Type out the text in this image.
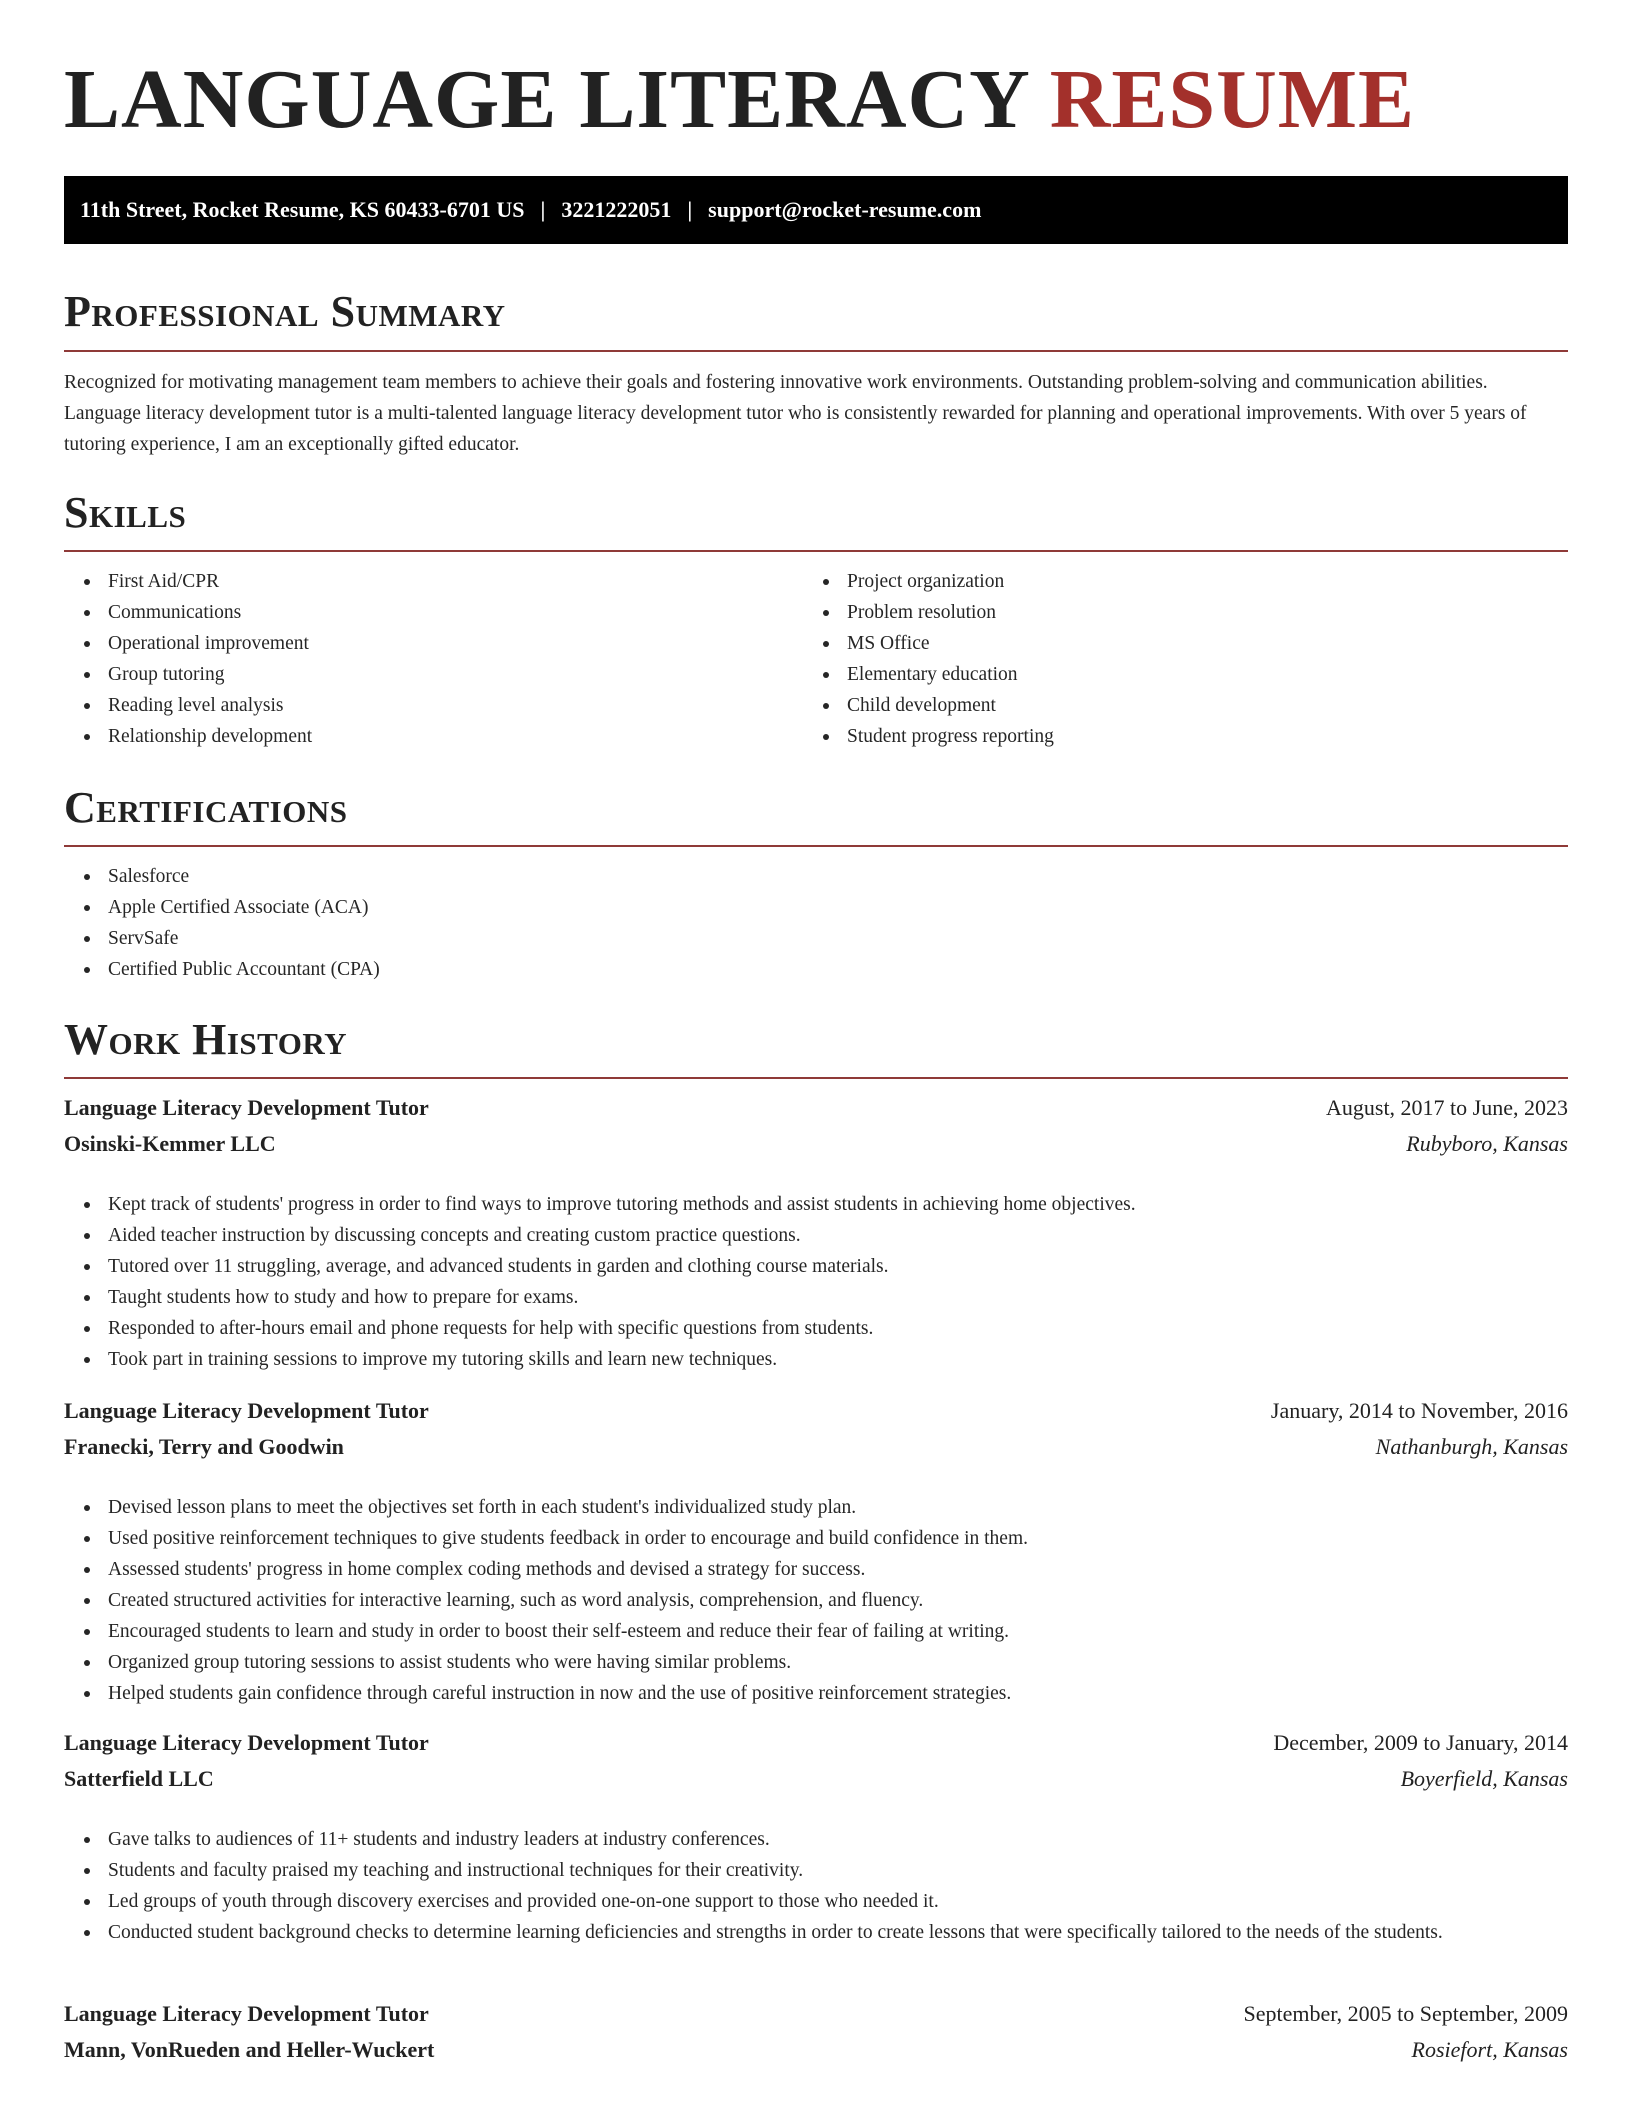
LANGUAGE LITERACY RESUME
11th Street, Rocket Resume, KS 60433-6701 US | 3221222051 | support@rocket-resume.com
Professional Summary

Recognized for motivating management team members to achieve their goals and fostering innovative work environments. Outstanding problem-solving and communication abilities. Language literacy development tutor is a multi-talented language literacy development tutor who is consistently rewarded for planning and operational improvements. With over 5 years of tutoring experience, I am an exceptionally gifted educator.

Skills
First Aid/CPR
Communications
Operational improvement
Group tutoring
Reading level analysis
Relationship development
Project organization
Problem resolution
MS Office
Elementary education
Child development
Student progress reporting
Certifications
Salesforce
Apple Certified Associate (ACA)
ServSafe
Certified Public Accountant (CPA)
Work History
Language Literacy Development Tutor	August, 2017 to June, 2023
Osinski-Kemmer LLC	Rubyboro, Kansas
Kept track of students' progress in order to find ways to improve tutoring methods and assist students in achieving home objectives.
Aided teacher instruction by discussing concepts and creating custom practice questions.
Tutored over 11 struggling, average, and advanced students in garden and clothing course materials.
Taught students how to study and how to prepare for exams.
Responded to after-hours email and phone requests for help with specific questions from students.
Took part in training sessions to improve my tutoring skills and learn new techniques.
Language Literacy Development Tutor	January, 2014 to November, 2016
Franecki, Terry and Goodwin	Nathanburgh, Kansas
Devised lesson plans to meet the objectives set forth in each student's individualized study plan.
Used positive reinforcement techniques to give students feedback in order to encourage and build confidence in them.
Assessed students' progress in home complex coding methods and devised a strategy for success.
Created structured activities for interactive learning, such as word analysis, comprehension, and fluency.
Encouraged students to learn and study in order to boost their self-esteem and reduce their fear of failing at writing.
Organized group tutoring sessions to assist students who were having similar problems.
Helped students gain confidence through careful instruction in now and the use of positive reinforcement strategies.
Language Literacy Development Tutor	December, 2009 to January, 2014
Satterfield LLC	Boyerfield, Kansas
Gave talks to audiences of 11+ students and industry leaders at industry conferences.
Students and faculty praised my teaching and instructional techniques for their creativity.
Led groups of youth through discovery exercises and provided one-on-one support to those who needed it.
Conducted student background checks to determine learning deficiencies and strengths in order to create lessons that were specifically tailored to the needs of the students.
Language Literacy Development Tutor	September, 2005 to September, 2009
Mann, VonRueden and Heller-Wuckert	Rosiefort, Kansas
